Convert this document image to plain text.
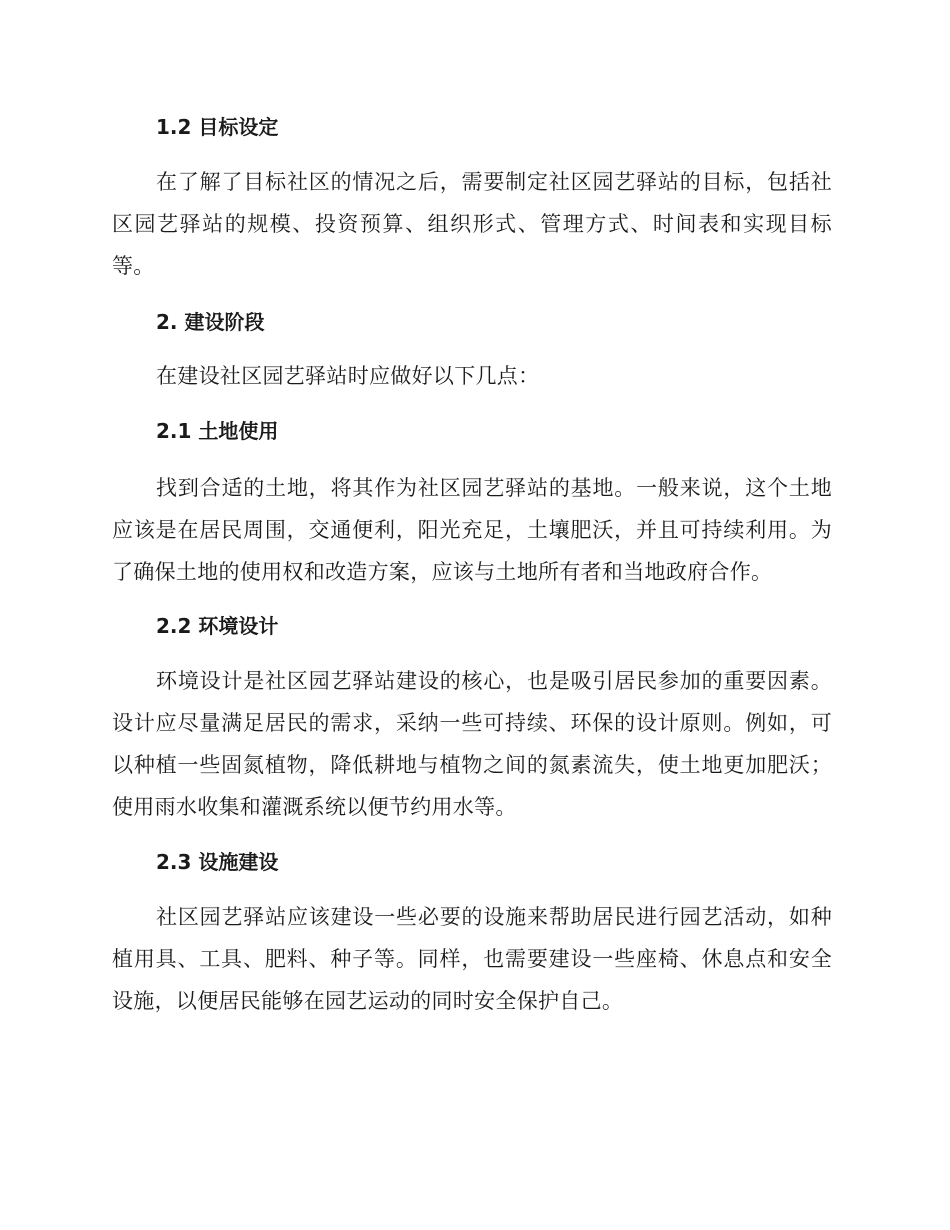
1.2 目标设定
在了解了目标社区的情况之后，需要制定社区园艺驿站的目标，包括社区园艺驿站的规模、投资预算、组织形式、管理方式、时间表和实现目标等。
2. 建设阶段
在建设社区园艺驿站时应做好以下几点：
2.1 土地使用
找到合适的土地，将其作为社区园艺驿站的基地。一般来说，这个土地应该是在居民周围，交通便利，阳光充足，土壤肥沃，并且可持续利用。为了确保土地的使用权和改造方案，应该与土地所有者和当地政府合作。
2.2 环境设计
环境设计是社区园艺驿站建设的核心，也是吸引居民参加的重要因素。设计应尽量满足居民的需求，采纳一些可持续、环保的设计原则。例如，可以种植一些固氮植物，降低耕地与植物之间的氮素流失，使土地更加肥沃；使用雨水收集和灌溉系统以便节约用水等。
2.3 设施建设
社区园艺驿站应该建设一些必要的设施来帮助居民进行园艺活动，如种植用具、工具、肥料、种子等。同样，也需要建设一些座椅、休息点和安全设施，以便居民能够在园艺运动的同时安全保护自己。
